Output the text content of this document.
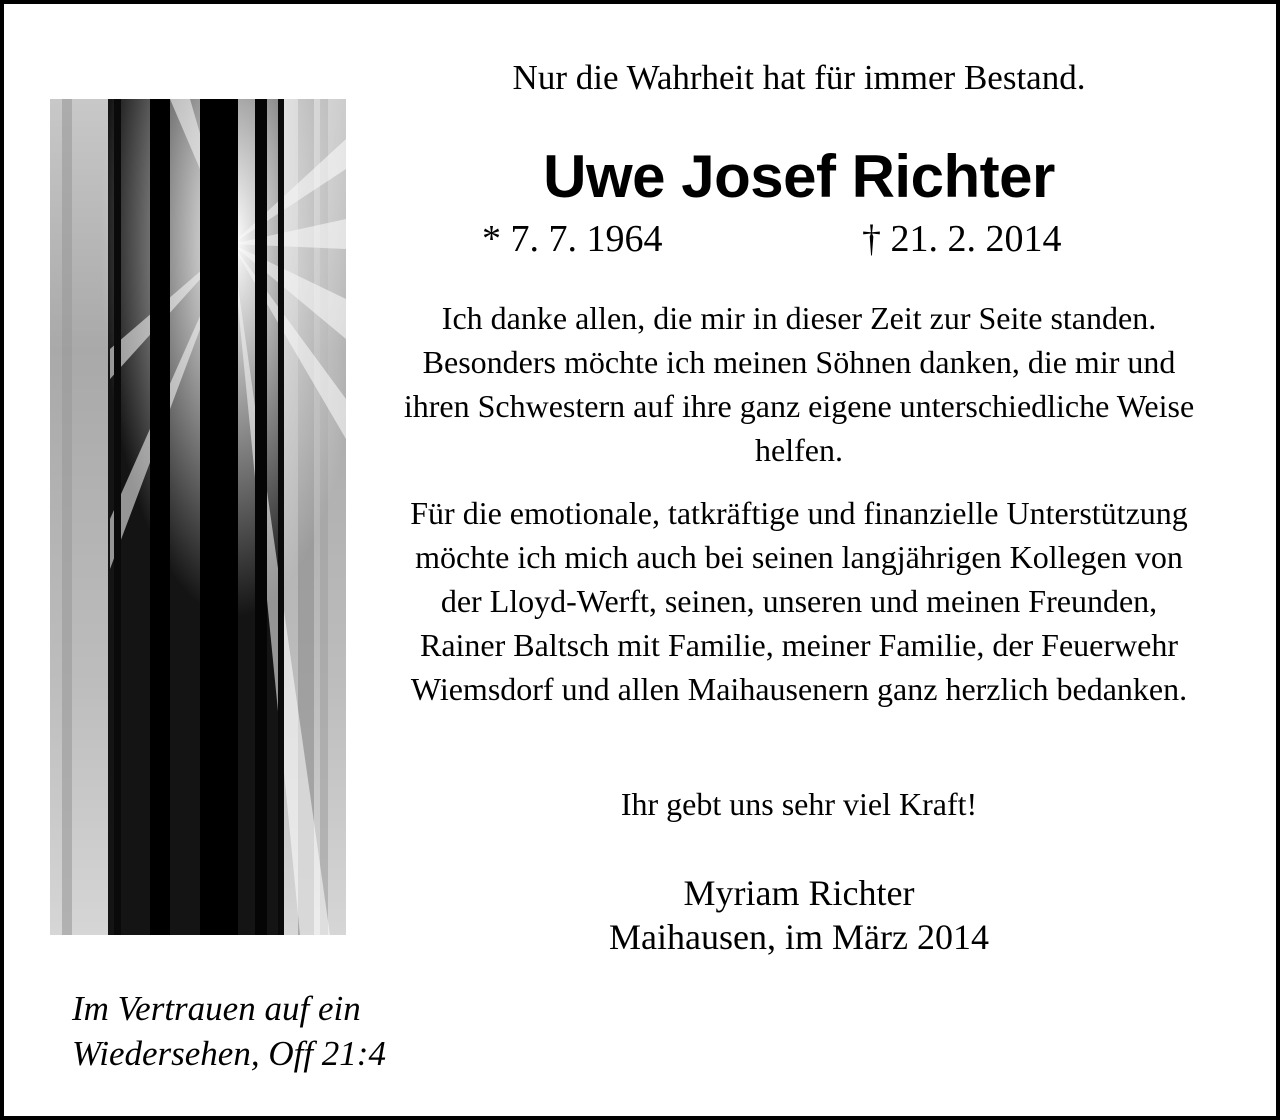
Nur die Wahrheit hat für immer Bestand.
Uwe Josef Richter
* 7. 7. 1964	† 21. 2. 2014

Ich danke allen, die mir in dieser Zeit zur Seite standen. Besonders möchte ich meinen Söhnen danken, die mir und ihren Schwestern auf ihre ganz eigene unterschiedliche Weise helfen.

Für die emotionale, tatkräftige und finanzielle Unterstützung möchte ich mich auch bei seinen langjährigen Kollegen von der Lloyd-Werft, seinen, unseren und meinen Freunden, Rainer Baltsch mit Familie, meiner Familie, der Feuerwehr Wiemsdorf und allen Maihausenern ganz herzlich bedanken.

Ihr gebt uns sehr viel Kraft!

Myriam Richter
Maihausen, im März 2014
Im Vertrauen auf ein
Wiedersehen, Off 21:4
